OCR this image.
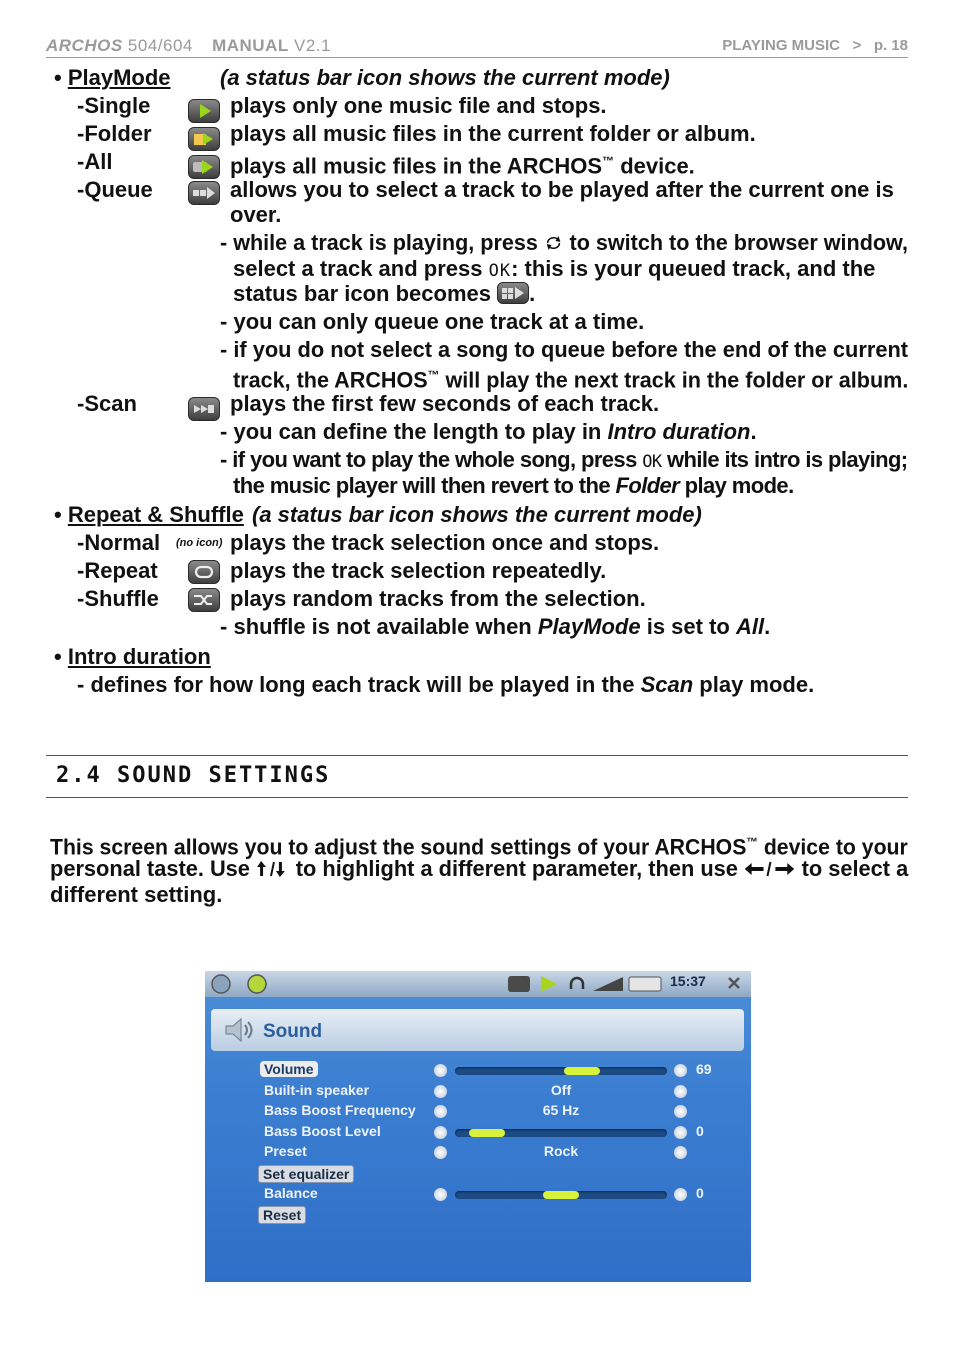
ARCHOS 504/604 MANUAL V2.1	PLAYING MUSIC > p. 18
• PlayMode (a status bar icon shows the current mode)
-Single	plays only one music file and stops.
-Folder	plays all music files in the current folder or album.
-All	plays all music files in the ARCHOS™ device.
-Queue	allows you to select a track to be played after the current one is
over.
- while a track is playing, press to switch to the browser window,
select a track and press OK: this is your queued track, and the
status bar icon becomes .
- you can only queue one track at a time.
- if you do not select a song to queue before the end of the current
track, the ARCHOS™ will play the next track in the folder or album.
-Scan	plays the first few seconds of each track.
- you can define the length to play in Intro duration.
- if you want to play the whole song, press OK while its intro is playing;
the music player will then revert to the Folder play mode.
• Repeat & Shuffle (a status bar icon shows the current mode)
-Normal (no icon) plays the track selection once and stops.
-Repeat	plays the track selection repeatedly.
-Shuffle	plays random tracks from the selection.
- shuffle is not available when PlayMode is set to All.
• Intro duration
- defines for how long each track will be played in the Scan play mode.
2.4 SOUND SETTINGS
This screen allows you to adjust the sound settings of your ARCHOS™ device to your
personal taste. Use to highlight a different parameter, then use	to select a
different setting.
15:37
Sound
Volume	69
Built-in speaker	Off
Bass Boost Frequency	65 Hz
Bass Boost Level	0
Preset	Rock
Set equalizer
Balance	0
Reset
